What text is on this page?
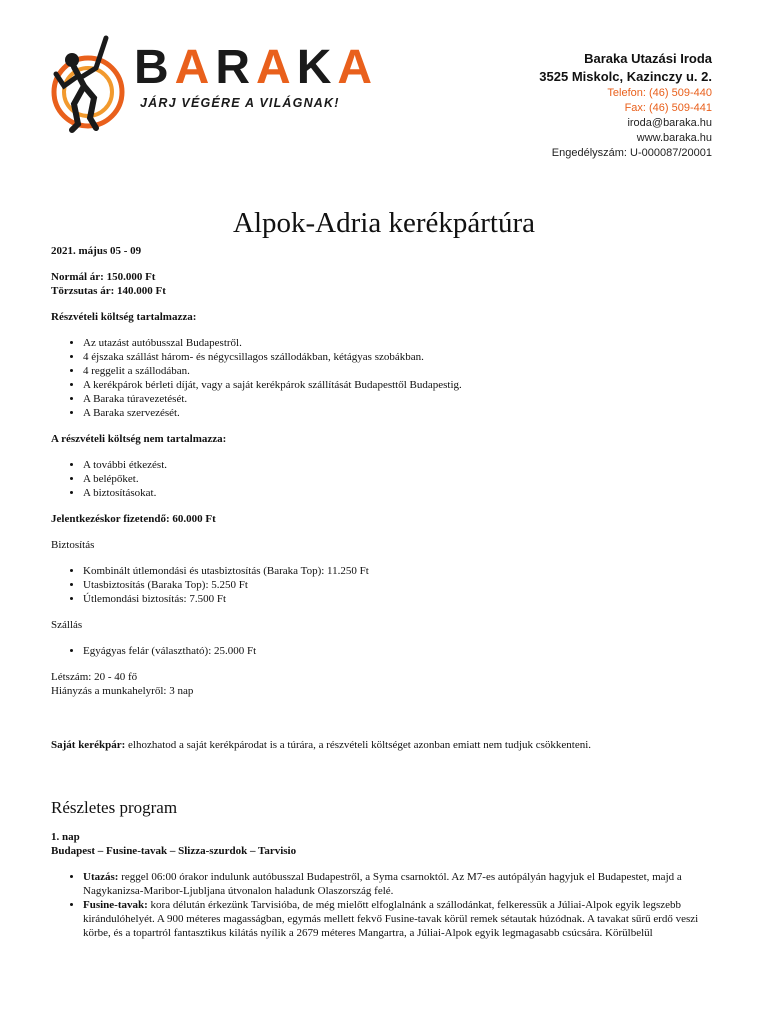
BARAKA
JÁRJ VÉGÉRE A VILÁGNAK!
Baraka Utazási Iroda
3525 Miskolc, Kazinczy u. 2.
Telefon: (46) 509-440
Fax: (46) 509-441
iroda@baraka.hu
www.baraka.hu
Engedélyszám: U-000087/20001
Alpok-Adria kerékpártúra

2021. május 05 - 09

Normál ár: 150.000 Ft

Törzsutas ár: 140.000 Ft

Részvételi költség tartalmazza:

• Az utazást autóbusszal Budapestről.
• 4 éjszaka szállást három- és négycsillagos szállodákban, kétágyas szobákban.
• 4 reggelit a szállodában.
• A kerékpárok bérleti díját, vagy a saját kerékpárok szállítását Budapesttől Budapestig.
• A Baraka túravezetését.
• A Baraka szervezését.

A részvételi költség nem tartalmazza:

• A további étkezést.
• A belépőket.
• A biztosításokat.

Jelentkezéskor fizetendő: 60.000 Ft

Biztosítás

• Kombinált útlemondási és utasbiztosítás (Baraka Top): 11.250 Ft
• Utasbiztosítás (Baraka Top): 5.250 Ft
• Útlemondási biztosítás: 7.500 Ft

Szállás

• Egyágyas felár (választható): 25.000 Ft

Létszám: 20 - 40 fő

Hiányzás a munkahelyről: 3 nap

Saját kerékpár: elhozhatod a saját kerékpárodat is a túrára, a részvételi költséget azonban emiatt nem tudjuk csökkenteni.

Részletes program

1. nap

Budapest – Fusine-tavak – Slizza-szurdok – Tarvisio

• Utazás: reggel 06:00 órakor indulunk autóbusszal Budapestről, a Syma csarnoktól. Az M7-es autópályán hagyjuk el Budapestet, majd a Nagykanizsa-Maribor-Ljubljana útvonalon haladunk Olaszország felé.
• Fusine-tavak: kora délután érkezünk Tarvisióba, de még mielőtt elfoglalnánk a szállodánkat, felkeressük a Júliai-Alpok egyik legszebb kirándulóhelyét. A 900 méteres magasságban, egymás mellett fekvő Fusine-tavak körül remek sétautak húzódnak. A tavakat sűrű erdő veszi körbe, és a topartról fantasztikus kilátás nyílik a 2679 méteres Mangartra, a Júliai-Alpok egyik legmagasabb csúcsára. Körülbelül
